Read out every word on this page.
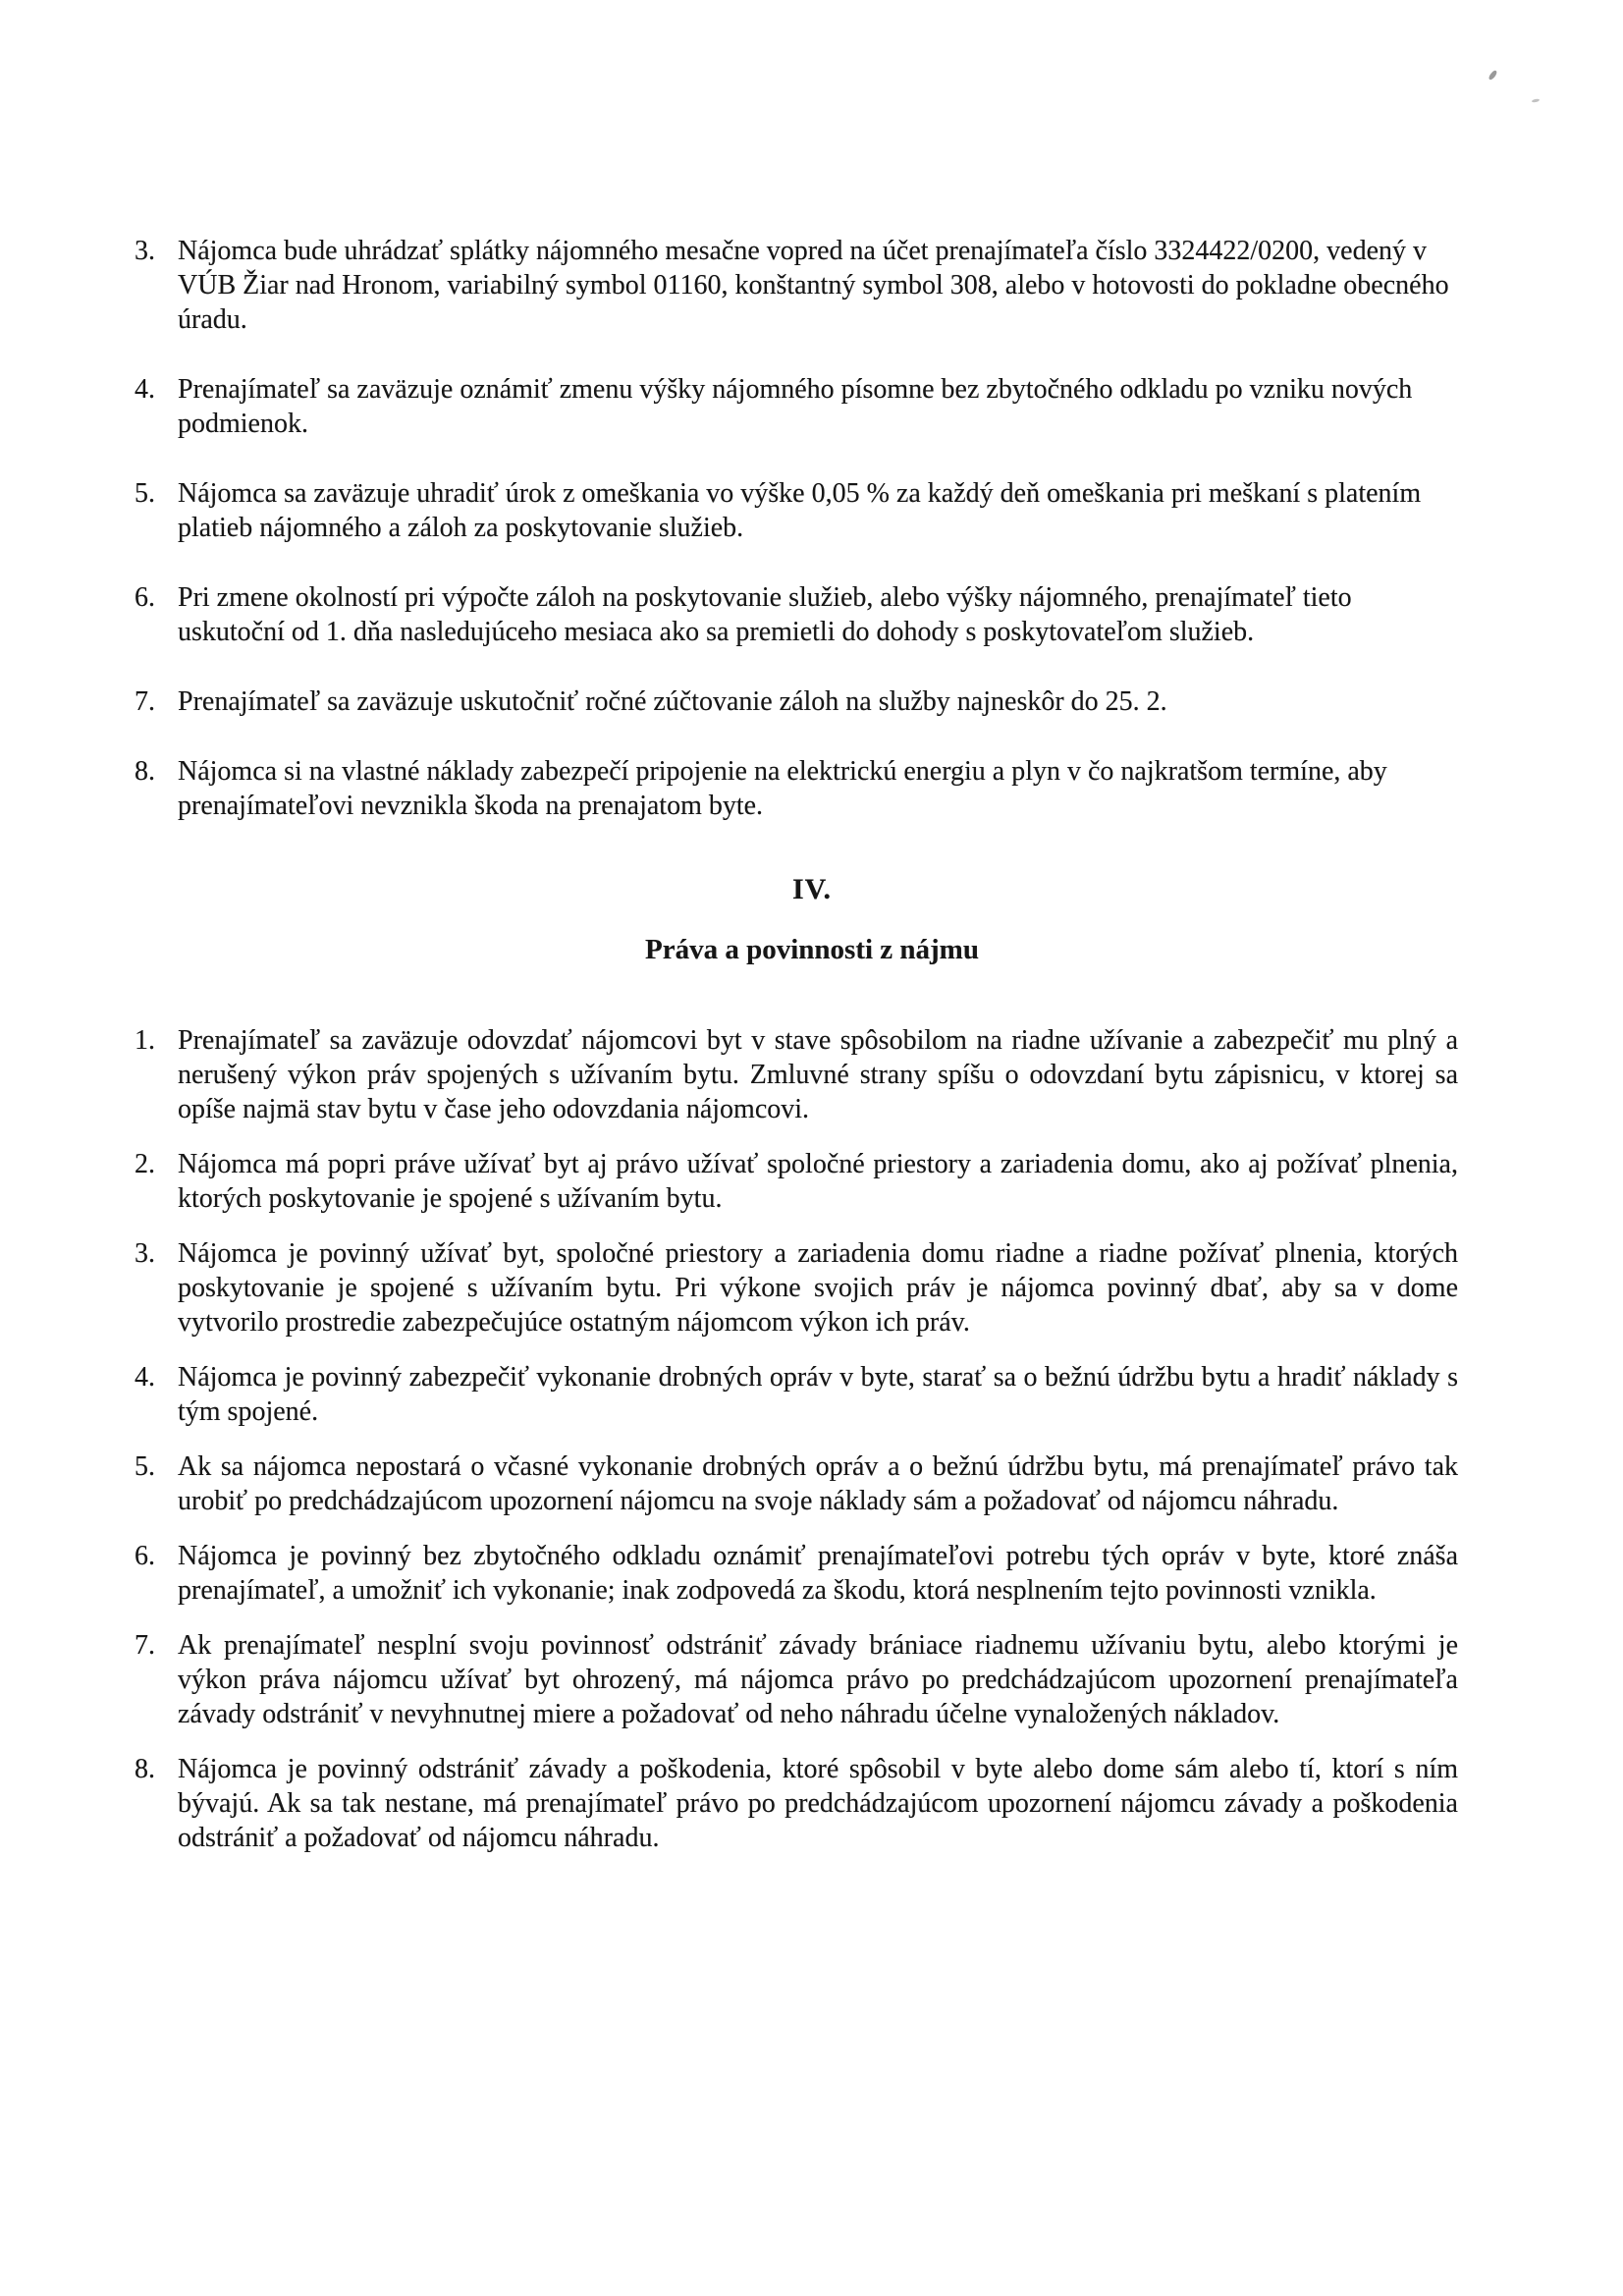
3. Nájomca bude uhrádzať splátky nájomného mesačne vopred na účet prenajímateľa číslo 3324422/0200, vedený v VÚB Žiar nad Hronom, variabilný symbol 01160, konštantný symbol 308, alebo v hotovosti do pokladne obecného úradu.
4. Prenajímateľ sa zaväzuje oznámiť zmenu výšky nájomného písomne bez zbytočného odkladu po vzniku nových podmienok.
5. Nájomca sa zaväzuje uhradiť úrok z omeškania vo výške 0,05 % za každý deň omeškania pri meškaní s platením platieb nájomného a záloh za poskytovanie služieb.
6. Pri zmene okolností pri výpočte záloh na poskytovanie služieb, alebo výšky nájomného, prenajímateľ tieto uskutoční od 1. dňa nasledujúceho mesiaca ako sa premietli do dohody s poskytovateľom služieb.
7. Prenajímateľ sa zaväzuje uskutočniť ročné zúčtovanie záloh na služby najneskôr do 25. 2.
8. Nájomca si na vlastné náklady zabezpečí pripojenie na elektrickú energiu a plyn v čo najkratšom termíne, aby prenajímateľovi nevznikla škoda na prenajatom byte.
IV.
Práva a povinnosti z nájmu
1. Prenajímateľ sa zaväzuje odovzdať nájomcovi byt v stave spôsobilom na riadne užívanie a zabezpečiť mu plný a nerušený výkon práv spojených s užívaním bytu. Zmluvné strany spíšu o odovzdaní bytu zápisnicu, v ktorej sa opíše najmä stav bytu v čase jeho odovzdania nájomcovi.
2. Nájomca má popri práve užívať byt aj právo užívať spoločné priestory a zariadenia domu, ako aj požívať plnenia, ktorých poskytovanie je spojené s užívaním bytu.
3. Nájomca je povinný užívať byt, spoločné priestory a zariadenia domu riadne a riadne požívať plnenia, ktorých poskytovanie je spojené s užívaním bytu. Pri výkone svojich práv je nájomca povinný dbať, aby sa v dome vytvorilo prostredie zabezpečujúce ostatným nájomcom výkon ich práv.
4. Nájomca je povinný zabezpečiť vykonanie drobných opráv v byte, starať sa o bežnú údržbu bytu a hradiť náklady s tým spojené.
5. Ak sa nájomca nepostará o včasné vykonanie drobných opráv a o bežnú údržbu bytu, má prenajímateľ právo tak urobiť po predchádzajúcom upozornení nájomcu na svoje náklady sám a požadovať od nájomcu náhradu.
6. Nájomca je povinný bez zbytočného odkladu oznámiť prenajímateľovi potrebu tých opráv v byte, ktoré znáša prenajímateľ, a umožniť ich vykonanie; inak zodpovedá za škodu, ktorá nesplnením tejto povinnosti vznikla.
7. Ak prenajímateľ nesplní svoju povinnosť odstrániť závady brániace riadnemu užívaniu bytu, alebo ktorými je výkon práva nájomcu užívať byt ohrozený, má nájomca právo po predchádzajúcom upozornení prenajímateľa závady odstrániť v nevyhnutnej miere a požadovať od neho náhradu účelne vynaložených nákladov.
8. Nájomca je povinný odstrániť závady a poškodenia, ktoré spôsobil v byte alebo dome sám alebo tí, ktorí s ním bývajú. Ak sa tak nestane, má prenajímateľ právo po predchádzajúcom upozornení nájomcu závady a poškodenia odstrániť a požadovať od nájomcu náhradu.
